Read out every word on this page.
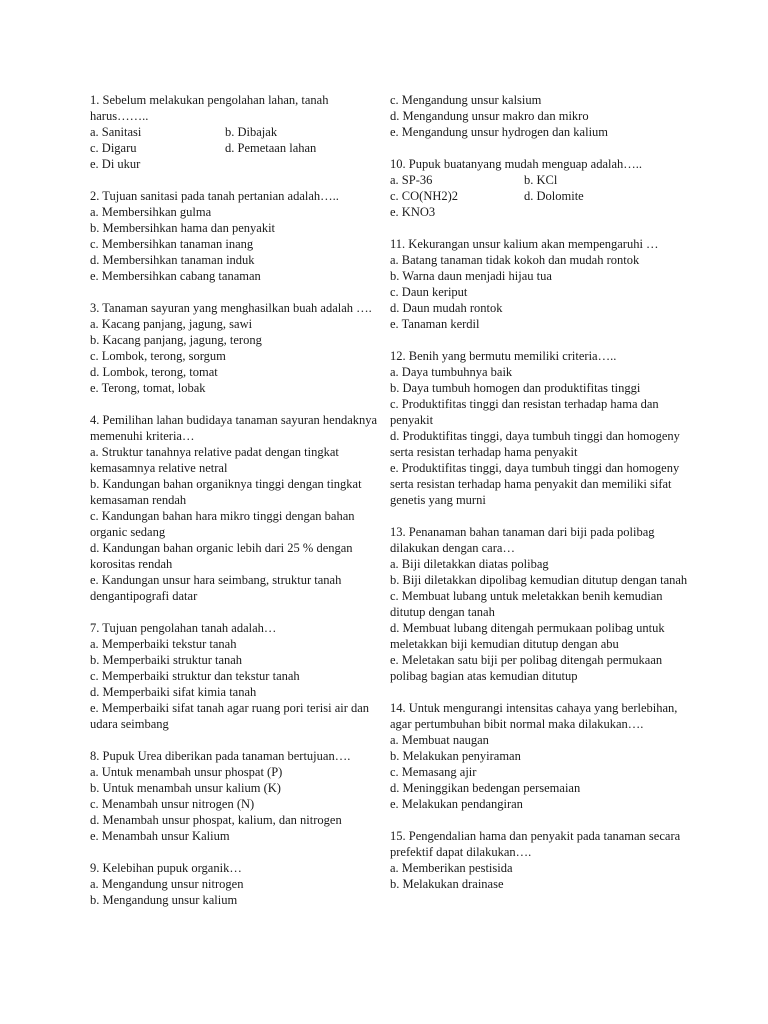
1. Sebelum melakukan pengolahan lahan, tanah harus……..
a. Sanitasi	b. Dibajak
c. Digaru	d. Pemetaan lahan
e. Di ukur
2. Tujuan sanitasi pada tanah pertanian adalah…..
a. Membersihkan gulma
b. Membersihkan hama dan penyakit
c. Membersihkan tanaman inang
d. Membersihkan tanaman induk
e. Membersihkan cabang tanaman
3. Tanaman sayuran yang menghasilkan buah adalah ….
a. Kacang panjang, jagung, sawi
b. Kacang panjang, jagung, terong
c. Lombok, terong, sorgum
d. Lombok, terong, tomat
e. Terong, tomat, lobak
4. Pemilihan lahan budidaya tanaman sayuran hendaknya memenuhi kriteria…
a. Struktur tanahnya relative padat dengan tingkat kemasamnya relative netral
b. Kandungan bahan organiknya tinggi dengan tingkat kemasaman rendah
c. Kandungan bahan hara mikro tinggi dengan bahan organic sedang
d. Kandungan bahan organic lebih dari 25 % dengan korositas rendah
e. Kandungan unsur hara seimbang, struktur tanah dengantipografi datar
7. Tujuan pengolahan tanah adalah…
a. Memperbaiki tekstur tanah
b. Memperbaiki struktur tanah
c. Memperbaiki struktur dan tekstur tanah
d. Memperbaiki sifat kimia tanah
e. Memperbaiki sifat tanah agar ruang pori terisi air dan udara seimbang
8. Pupuk Urea diberikan pada tanaman bertujuan….
a. Untuk menambah unsur phospat (P)
b. Untuk menambah unsur kalium (K)
c. Menambah unsur nitrogen (N)
d. Menambah unsur phospat, kalium, dan nitrogen
e. Menambah unsur Kalium
9. Kelebihan pupuk organik…
a. Mengandung unsur nitrogen
b. Mengandung unsur kalium
c. Mengandung unsur kalsium
d. Mengandung unsur makro dan mikro
e. Mengandung unsur hydrogen dan kalium
10. Pupuk buatanyang mudah menguap adalah…..
a. SP-36	b. KCl
c. CO(NH2)2	d. Dolomite
e. KNO3
11. Kekurangan unsur kalium akan mempengaruhi …
a. Batang tanaman tidak kokoh dan mudah rontok
b. Warna daun menjadi hijau tua
c. Daun keriput
d. Daun mudah rontok
e. Tanaman kerdil
12. Benih yang bermutu memiliki criteria…..
a. Daya tumbuhnya baik
b. Daya tumbuh homogen dan produktifitas tinggi
c. Produktifitas tinggi dan resistan terhadap hama dan penyakit
d. Produktifitas tinggi, daya tumbuh tinggi dan homogeny serta resistan terhadap hama penyakit
e. Produktifitas tinggi, daya tumbuh tinggi dan homogeny serta resistan terhadap hama penyakit dan memiliki sifat genetis yang murni
13. Penanaman bahan tanaman dari biji pada polibag dilakukan dengan cara…
a. Biji diletakkan diatas polibag
b. Biji diletakkan dipolibag kemudian ditutup dengan tanah
c. Membuat lubang untuk meletakkan benih kemudian ditutup dengan tanah
d. Membuat lubang ditengah permukaan polibag untuk meletakkan biji kemudian ditutup dengan abu
e. Meletakan satu biji per polibag ditengah permukaan polibag bagian atas kemudian ditutup
14. Untuk mengurangi intensitas cahaya yang berlebihan, agar pertumbuhan bibit normal maka dilakukan….
a. Membuat naugan
b. Melakukan penyiraman
c. Memasang ajir
d. Meninggikan bedengan persemaian
e. Melakukan pendangiran
15. Pengendalian hama dan penyakit pada tanaman secara prefektif dapat dilakukan….
a. Memberikan pestisida
b. Melakukan drainase
